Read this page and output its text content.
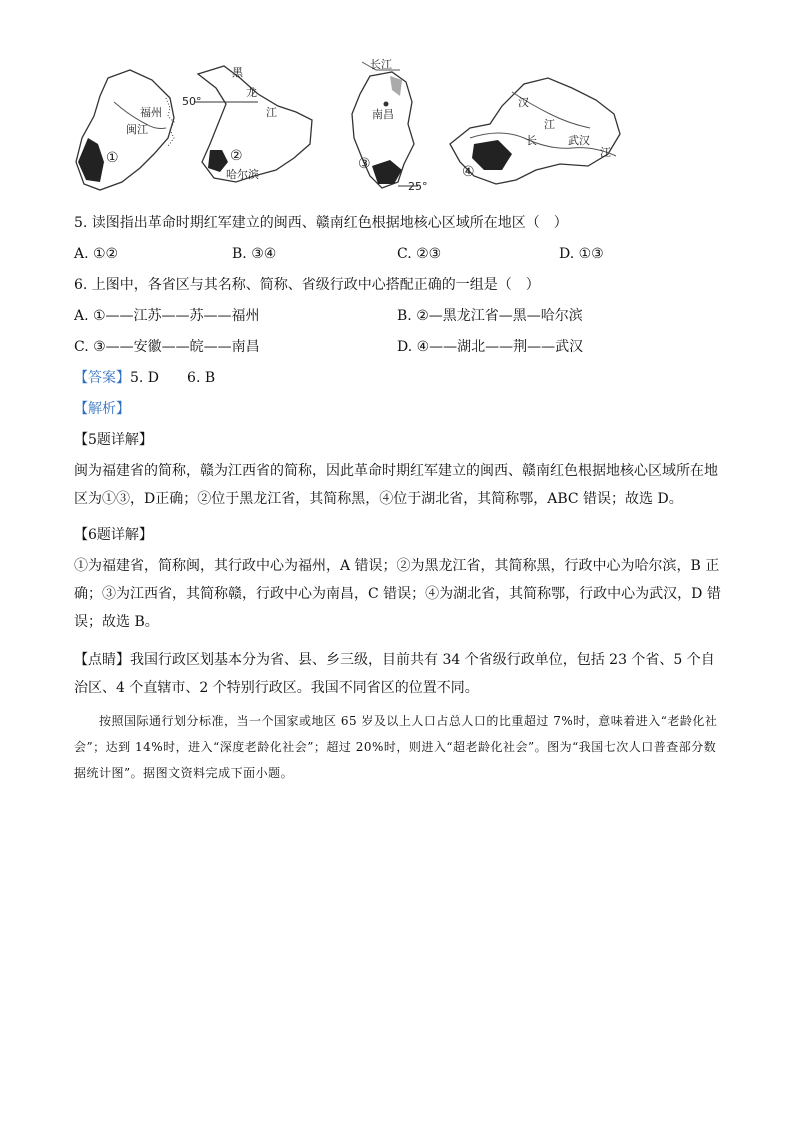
福州
闽江
①
黑
龙
江
50°
哈尔滨
②
长江
南昌
25°
③
汉
江
长	武汉
江
④
5. 读图指出革命时期红军建立的闽西、赣南红色根据地核心区域所在地区（　）
A. ①②	B. ③④	C. ②③	D. ①③
6. 上图中，各省区与其名称、简称、省级行政中心搭配正确的一组是（　）
A. ①——江苏——苏——福州	B. ②—黑龙江省—黑—哈尔滨
C. ③——安徽——皖——南昌	D. ④——湖北——荆——武汉
【答案】5. D　　6. B
【解析】
【5题详解】
闽为福建省的简称，赣为江西省的简称，因此革命时期红军建立的闽西、赣南红色根据地核心区域所在地区为①③，D正确；②位于黑龙江省，其简称黑，④位于湖北省，其简称鄂，ABC 错误；故选 D。
【6题详解】
①为福建省，简称闽，其行政中心为福州，A 错误；②为黑龙江省，其简称黑，行政中心为哈尔滨，B 正确；③为江西省，其简称赣，行政中心为南昌，C 错误；④为湖北省，其简称鄂，行政中心为武汉，D 错误；故选 B。
【点睛】我国行政区划基本分为省、县、乡三级，目前共有 34 个省级行政单位，包括 23 个省、5 个自治区、4 个直辖市、2 个特别行政区。我国不同省区的位置不同。
　　按照国际通行划分标准，当一个国家或地区 65 岁及以上人口占总人口的比重超过 7%时，意味着进入“老龄化社会”；达到 14%时，进入“深度老龄化社会”；超过 20%时，则进入“超老龄化社会”。图为“我国七次人口普查部分数据统计图”。据图文资料完成下面小题。
